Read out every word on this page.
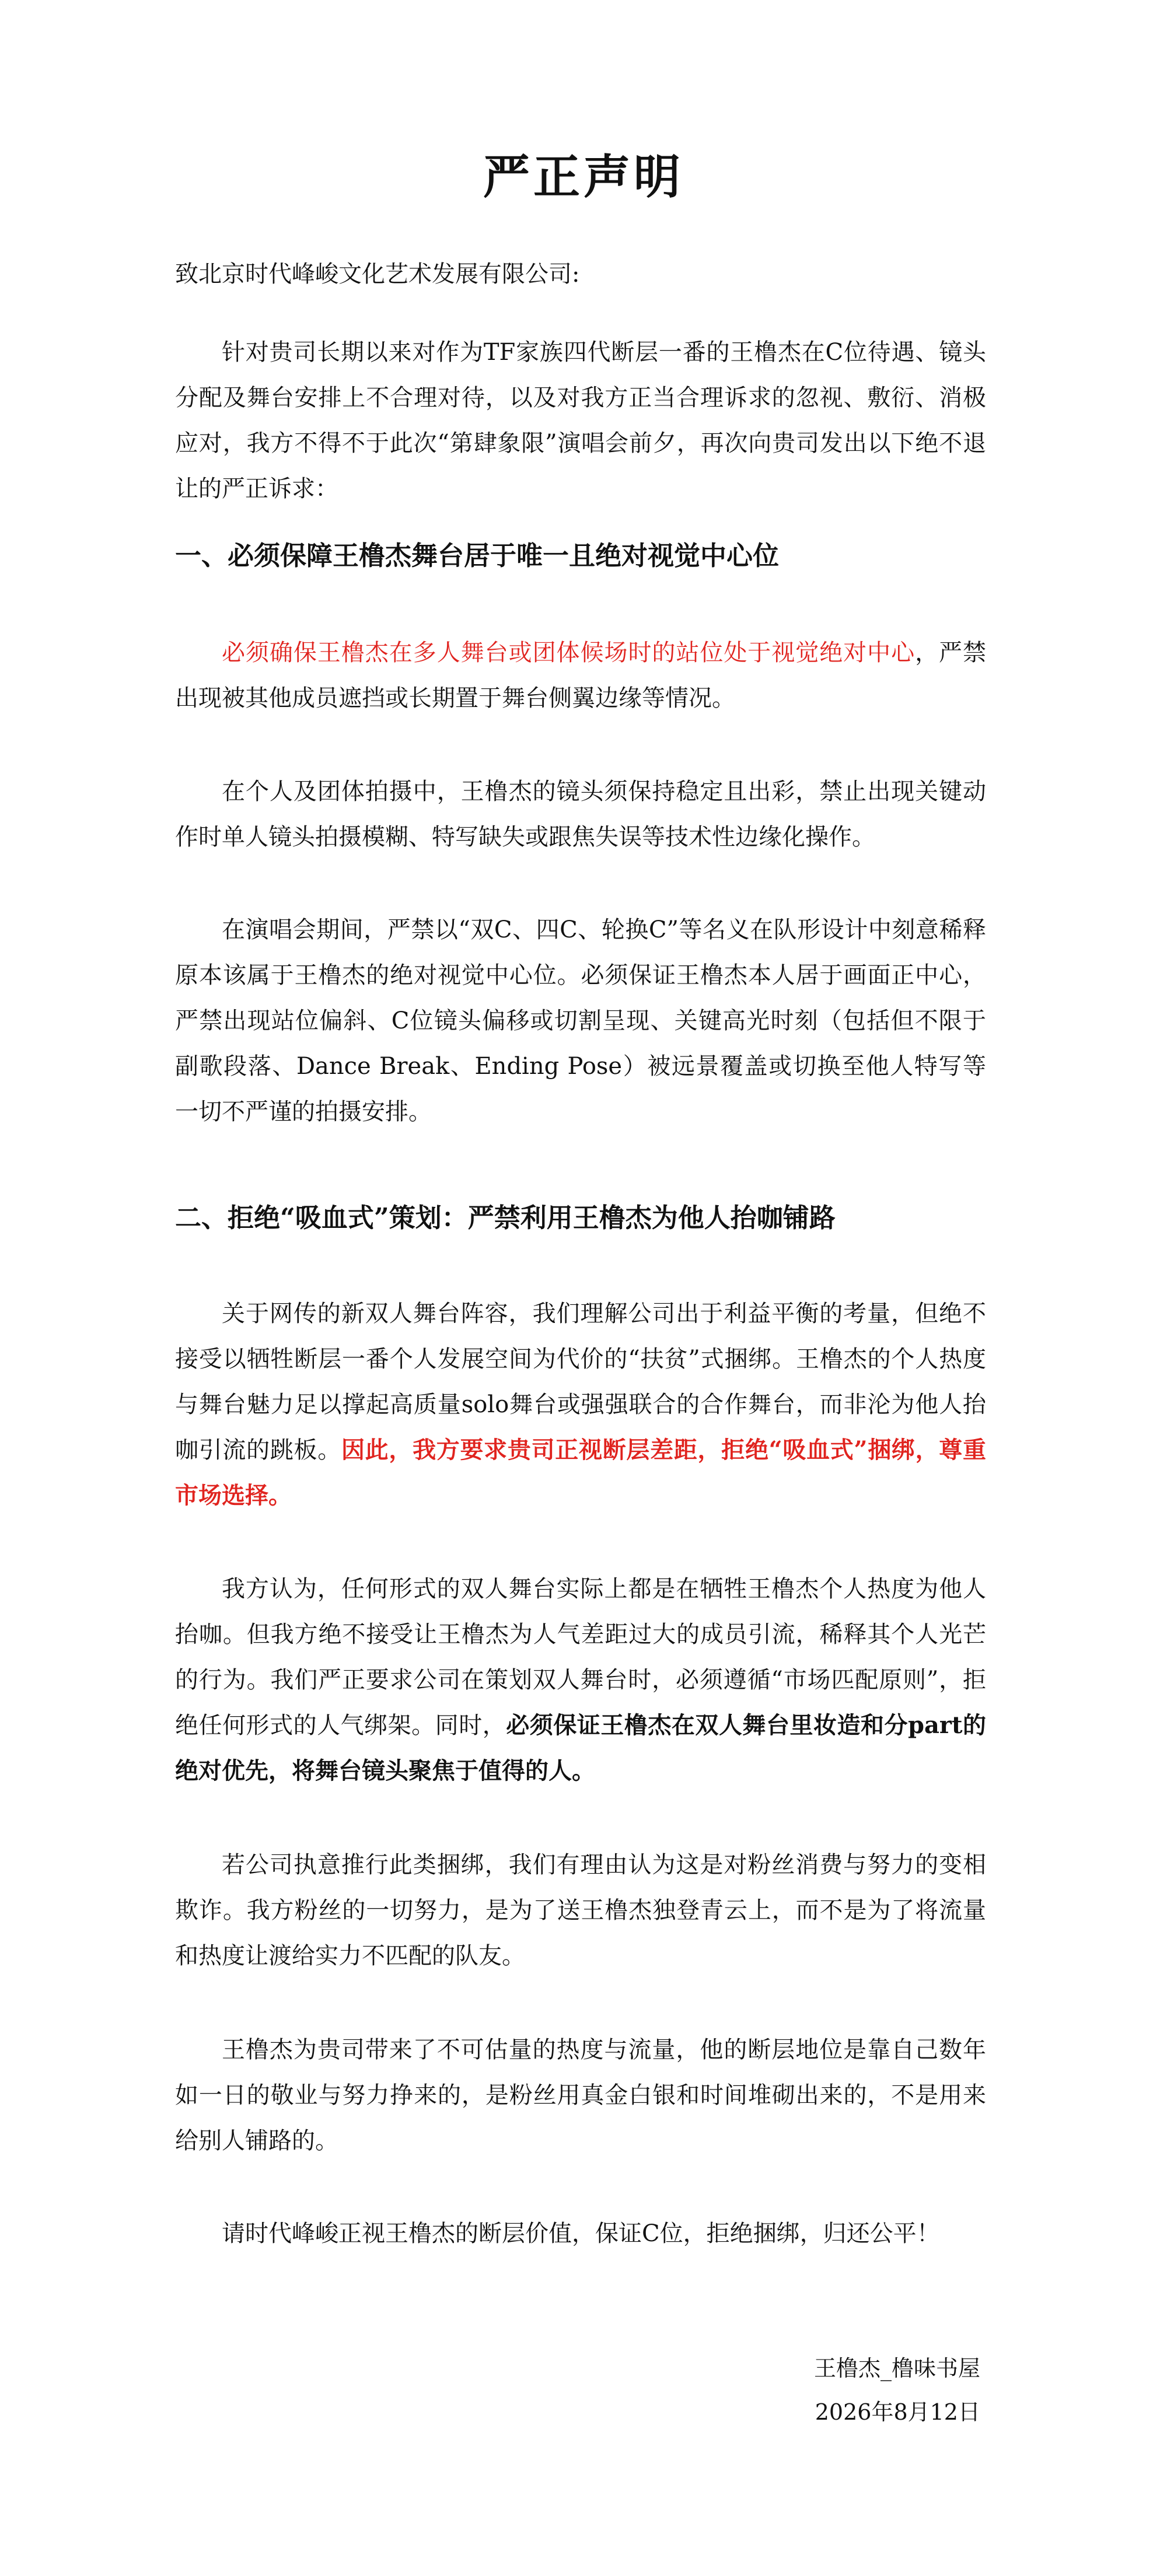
严正声明
致北京时代峰峻文化艺术发展有限公司:

针对贵司长期以来对作为TF家族四代断层一番的王橹杰在C位待遇、镜头分配及舞台安排上不合理对待，以及对我方正当合理诉求的忽视、敷衍、消极应对，我方不得不于此次“第肆象限”演唱会前夕，再次向贵司发出以下绝不退让的严正诉求：

一、必须保障王橹杰舞台居于唯一且绝对视觉中心位

必须确保王橹杰在多人舞台或团体候场时的站位处于视觉绝对中心，严禁出现被其他成员遮挡或长期置于舞台侧翼边缘等情况。

在个人及团体拍摄中，王橹杰的镜头须保持稳定且出彩，禁止出现关键动作时单人镜头拍摄模糊、特写缺失或跟焦失误等技术性边缘化操作。

在演唱会期间，严禁以“双C、四C、轮换C”等名义在队形设计中刻意稀释原本该属于王橹杰的绝对视觉中心位。必须保证王橹杰本人居于画面正中心，严禁出现站位偏斜、C位镜头偏移或切割呈现、关键高光时刻（包括但不限于副歌段落、Dance Break、Ending Pose）被远景覆盖或切换至他人特写等一切不严谨的拍摄安排。

二、拒绝“吸血式”策划：严禁利用王橹杰为他人抬咖铺路

关于网传的新双人舞台阵容，我们理解公司出于利益平衡的考量，但绝不接受以牺牲断层一番个人发展空间为代价的“扶贫”式捆绑。王橹杰的个人热度与舞台魅力足以撑起高质量solo舞台或强强联合的合作舞台，而非沦为他人抬咖引流的跳板。因此，我方要求贵司正视断层差距，拒绝“吸血式”捆绑，尊重市场选择。

我方认为，任何形式的双人舞台实际上都是在牺牲王橹杰个人热度为他人抬咖。但我方绝不接受让王橹杰为人气差距过大的成员引流，稀释其个人光芒的行为。我们严正要求公司在策划双人舞台时，必须遵循“市场匹配原则”，拒绝任何形式的人气绑架。同时，必须保证王橹杰在双人舞台里妆造和分part的绝对优先，将舞台镜头聚焦于值得的人。

若公司执意推行此类捆绑，我们有理由认为这是对粉丝消费与努力的变相欺诈。我方粉丝的一切努力，是为了送王橹杰独登青云上，而不是为了将流量和热度让渡给实力不匹配的队友。

王橹杰为贵司带来了不可估量的热度与流量，他的断层地位是靠自己数年如一日的敬业与努力挣来的，是粉丝用真金白银和时间堆砌出来的，不是用来给别人铺路的。

请时代峰峻正视王橹杰的断层价值，保证C位，拒绝捆绑，归还公平！

王橹杰_橹味书屋
2026年8月12日
